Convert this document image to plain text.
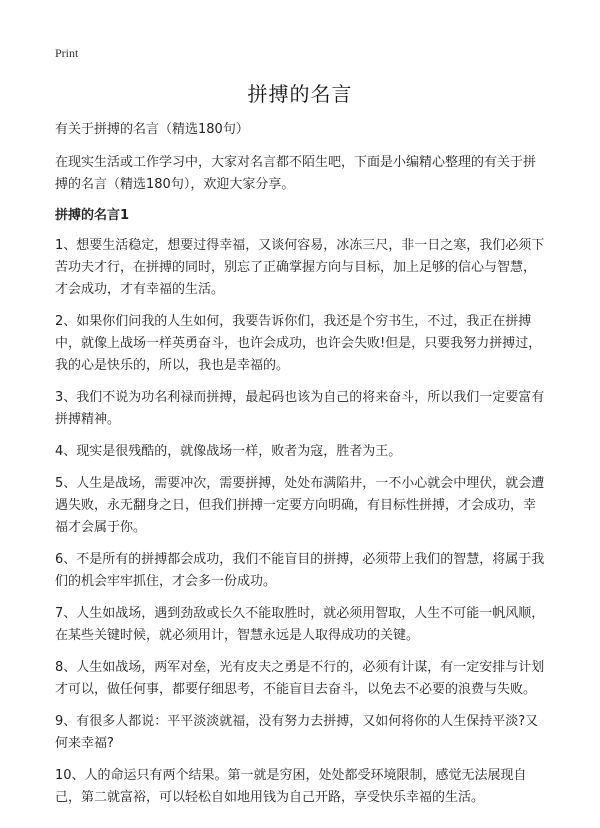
Print
拼搏的名言

有关于拼搏的名言（精选180句）

在现实生活或工作学习中，大家对名言都不陌生吧，下面是小编精心整理的有关于拼搏的名言（精选180句），欢迎大家分享。

拼搏的名言1

1、想要生活稳定，想要过得幸福，又谈何容易，冰冻三尺，非一日之寒，我们必须下苦功夫才行，在拼搏的同时，别忘了正确掌握方向与目标，加上足够的信心与智慧，才会成功，才有幸福的生活。

2、如果你们问我的人生如何，我要告诉你们，我还是个穷书生，不过，我正在拼搏中，就像上战场一样英勇奋斗，也许会成功，也许会失败!但是，只要我努力拼搏过，我的心是快乐的，所以，我也是幸福的。

3、我们不说为功名利禄而拼搏，最起码也该为自己的将来奋斗，所以我们一定要富有拼搏精神。

4、现实是很残酷的，就像战场一样，败者为寇，胜者为王。

5、人生是战场，需要冲次，需要拼搏，处处布满陷井，一不小心就会中埋伏，就会遭遇失败，永无翻身之日，但我们拼搏一定要方向明确，有目标性拼搏，才会成功，幸福才会属于你。

6、不是所有的拼搏都会成功，我们不能盲目的拼搏，必须带上我们的智慧，将属于我们的机会牢牢抓住，才会多一份成功。

7、人生如战场，遇到劲敌或长久不能取胜时，就必须用智取，人生不可能一帆风顺，在某些关键时候，就必须用计，智慧永远是人取得成功的关键。

8、人生如战场，两军对垒，光有皮夫之勇是不行的，必须有计谋，有一定安排与计划才可以，做任何事，都要仔细思考，不能盲目去奋斗，以免去不必要的浪费与失败。

9、有很多人都说：平平淡淡就福，没有努力去拼搏，又如何将你的人生保持平淡?又何来幸福?

10、人的命运只有两个结果。第一就是穷困，处处都受环境限制，感觉无法展现自己，第二就富裕，可以轻松自如地用钱为自己开路，享受快乐幸福的生活。
